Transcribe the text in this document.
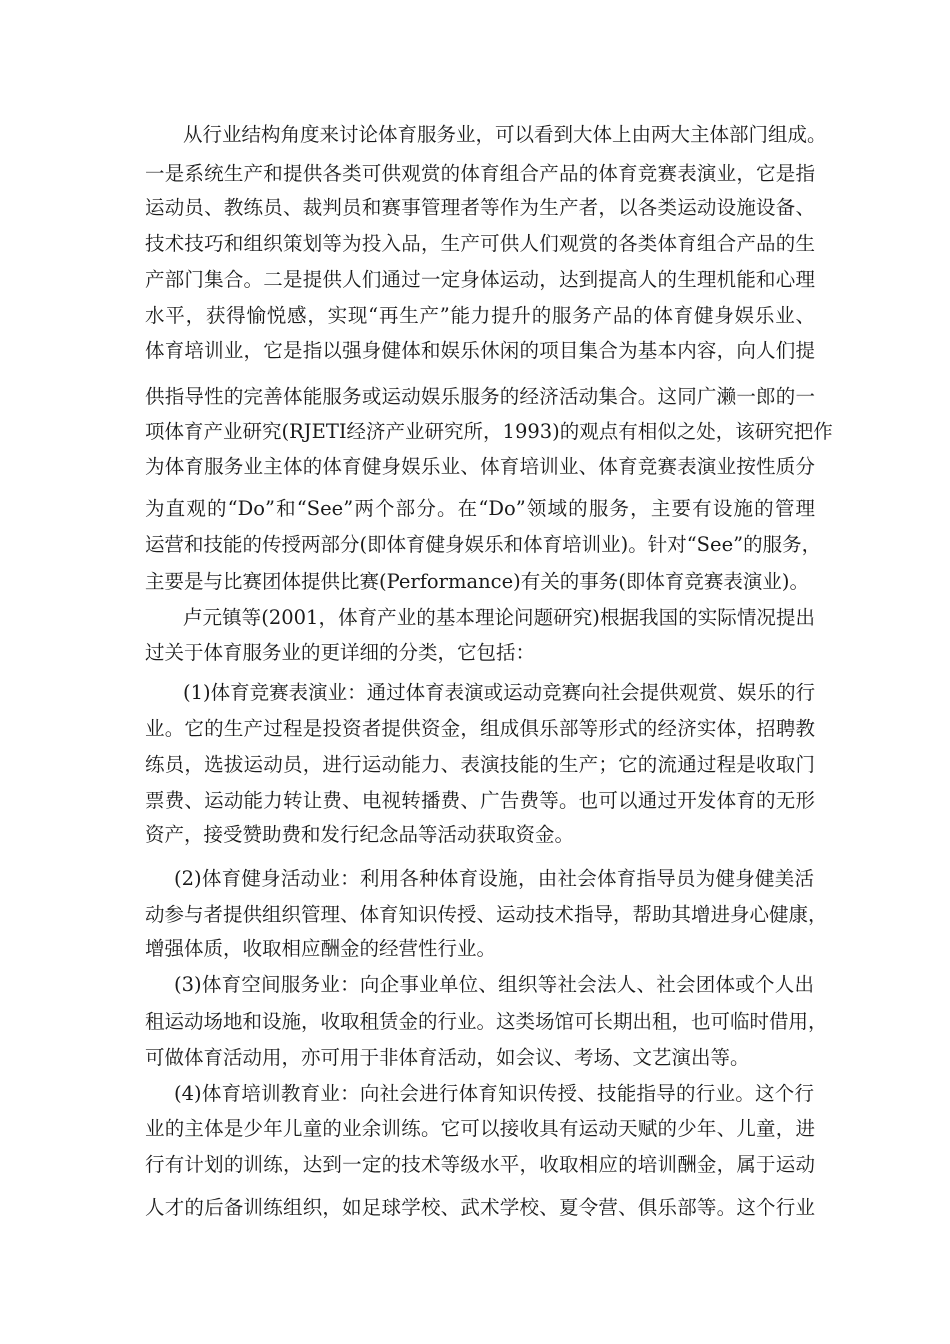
从行业结构角度来讨论体育服务业，可以看到大体上由两大主体部门组成。
一是系统生产和提供各类可供观赏的体育组合产品的体育竞赛表演业，它是指
运动员、教练员、裁判员和赛事管理者等作为生产者，以各类运动设施设备、
技术技巧和组织策划等为投入品，生产可供人们观赏的各类体育组合产品的生
产部门集合。二是提供人们通过一定身体运动，达到提高人的生理机能和心理
水平，获得愉悦感，实现“再生产”能力提升的服务产品的体育健身娱乐业、
体育培训业，它是指以强身健体和娱乐休闲的项目集合为基本内容，向人们提
供指导性的完善体能服务或运动娱乐服务的经济活动集合。这同广濑一郎的一
项体育产业研究(RJETI经济产业研究所，1993)的观点有相似之处，该研究把作
为体育服务业主体的体育健身娱乐业、体育培训业、体育竞赛表演业按性质分
为直观的“Do”和“See”两个部分。在“Do”领域的服务，主要有设施的管理
运营和技能的传授两部分(即体育健身娱乐和体育培训业)。针对“See”的服务，
主要是与比赛团体提供比赛(Performance)有关的事务(即体育竞赛表演业)。
卢元镇等(2001，体育产业的基本理论问题研究)根据我国的实际情况提出
过关于体育服务业的更详细的分类，它包括：
(1)体育竞赛表演业：通过体育表演或运动竞赛向社会提供观赏、娱乐的行
业。它的生产过程是投资者提供资金，组成俱乐部等形式的经济实体，招聘教
练员，选拔运动员，进行运动能力、表演技能的生产；它的流通过程是收取门
票费、运动能力转让费、电视转播费、广告费等。也可以通过开发体育的无形
资产，接受赞助费和发行纪念品等活动获取资金。
(2)体育健身活动业：利用各种体育设施，由社会体育指导员为健身健美活
动参与者提供组织管理、体育知识传授、运动技术指导，帮助其增进身心健康，
增强体质，收取相应酬金的经营性行业。
(3)体育空间服务业：向企事业单位、组织等社会法人、社会团体或个人出
租运动场地和设施，收取租赁金的行业。这类场馆可长期出租，也可临时借用，
可做体育活动用，亦可用于非体育活动，如会议、考场、文艺演出等。
(4)体育培训教育业：向社会进行体育知识传授、技能指导的行业。这个行
业的主体是少年儿童的业余训练。它可以接收具有运动天赋的少年、儿童，进
行有计划的训练，达到一定的技术等级水平，收取相应的培训酬金，属于运动
人才的后备训练组织，如足球学校、武术学校、夏令营、俱乐部等。这个行业
